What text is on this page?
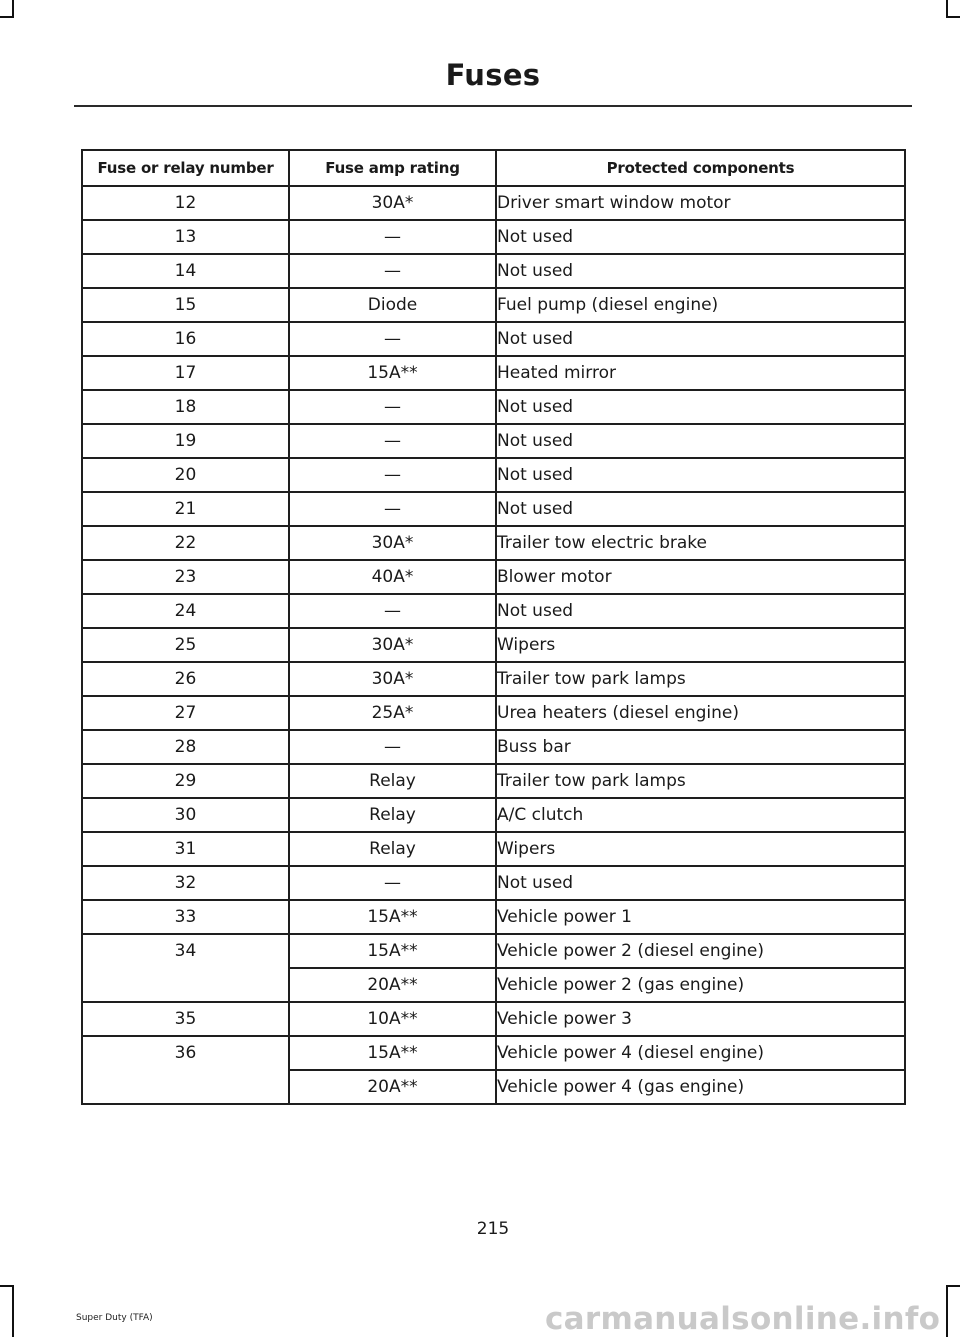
Fuses
Fuse or relay number	Fuse amp rating	Protected components
12	30A*	Driver smart window motor
13	—	Not used
14	—	Not used
15	Diode	Fuel pump (diesel engine)
16	—	Not used
17	15A**	Heated mirror
18	—	Not used
19	—	Not used
20	—	Not used
21	—	Not used
22	30A*	Trailer tow electric brake
23	40A*	Blower motor
24	—	Not used
25	30A*	Wipers
26	30A*	Trailer tow park lamps
27	25A*	Urea heaters (diesel engine)
28	—	Buss bar
29	Relay	Trailer tow park lamps
30	Relay	A/C clutch
31	Relay	Wipers
32	—	Not used
33	15A**	Vehicle power 1
34	15A**	Vehicle power 2 (diesel engine)
	20A**	Vehicle power 2 (gas engine)
35	10A**	Vehicle power 3
36	15A**	Vehicle power 4 (diesel engine)
	20A**	Vehicle power 4 (gas engine)
215
Super Duty (TFA)	carmanualsonline.info
